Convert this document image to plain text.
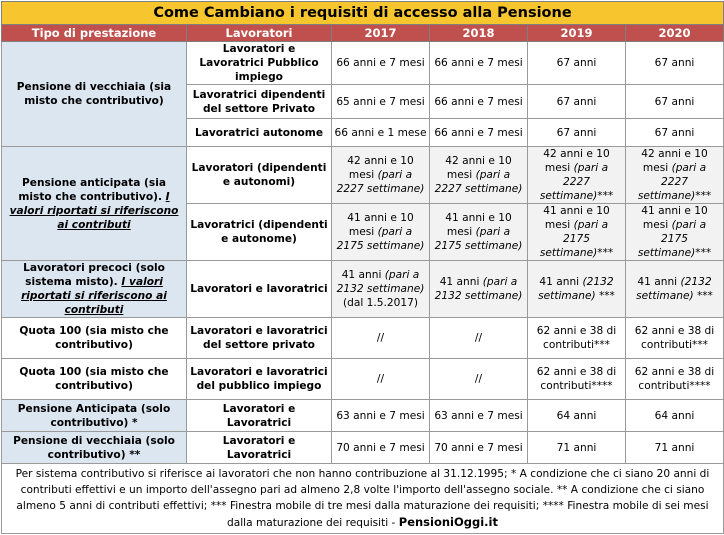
Come Cambiano i requisiti di accesso alla Pensione					
Tipo di prestazione	Lavoratori	2017	2018	2019	2020
Pensione di vecchiaia (sia misto che contributivo)	Lavoratori e Lavoratrici Pubblico impiego	66 anni e 7 mesi	66 anni e 7 mesi	67 anni	67 anni
	Lavoratrici dipendenti del settore Privato	65 anni e 7 mesi	66 anni e 7 mesi	67 anni	67 anni
	Lavoratrici autonome	66 anni e 1 mese	66 anni e 7 mesi	67 anni	67 anni
Pensione anticipata (sia misto che contributivo). I valori riportati si riferiscono ai contributi	Lavoratori (dipendenti e autonomi)	42 anni e 10 mesi (pari a 2227 settimane)	42 anni e 10 mesi (pari a 2227 settimane)	42 anni e 10 mesi (pari a 2227 settimane)***	42 anni e 10 mesi (pari a 2227 settimane)***
	Lavoratrici (dipendenti e autonome)	41 anni e 10 mesi (pari a 2175 settimane)	41 anni e 10 mesi (pari a 2175 settimane)	41 anni e 10 mesi (pari a 2175 settimane)***	41 anni e 10 mesi (pari a 2175 settimane)***
Lavoratori precoci (solo sistema misto). I valori riportati si riferiscono ai contributi	Lavoratori e lavoratrici	41 anni (pari a 2132 settimane) (dal 1.5.2017)	41 anni (pari a 2132 settimane)	41 anni (2132 settimane) ***	41 anni (2132 settimane) ***
Quota 100 (sia misto che contributivo)	Lavoratori e lavoratrici del settore privato	//	//	62 anni e 38 di contributi***	62 anni e 38 di contributi***
Quota 100 (sia misto che contributivo)	Lavoratori e lavoratrici del pubblico impiego	//	//	62 anni e 38 di contributi****	62 anni e 38 di contributi****
Pensione Anticipata (solo contributivo) *	Lavoratori e Lavoratrici	63 anni e 7 mesi	63 anni e 7 mesi	64 anni	64 anni
Pensione di vecchiaia (solo contributivo) **	Lavoratori e Lavoratrici	70 anni e 7 mesi	70 anni e 7 mesi	71 anni	71 anni
Per sistema contributivo si riferisce ai lavoratori che non hanno contribuzione al 31.12.1995; * A condizione che ci siano 20 anni di contributi effettivi e un importo dell'assegno pari ad almeno 2,8 volte l'importo dell'assegno sociale. ** A condizione che ci siano almeno 5 anni di contributi effettivi; *** Finestra mobile di tre mesi dalla maturazione dei requisiti; **** Finestra mobile di sei mesi dalla maturazione dei requisiti - PensioniOggi.it					
